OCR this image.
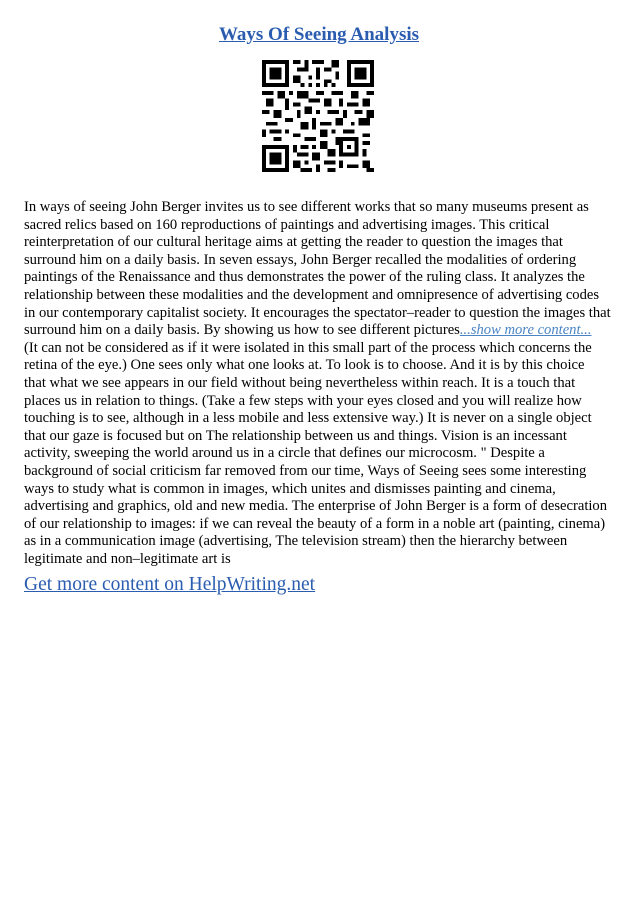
Ways Of Seeing Analysis
In ways of seeing John Berger invites us to see different works that so many museums present as
sacred relics based on 160 reproductions of paintings and advertising images. This critical
reinterpretation of our cultural heritage aims at getting the reader to question the images that
surround him on a daily basis. In seven essays, John Berger recalled the modalities of ordering
paintings of the Renaissance and thus demonstrates the power of the ruling class. It analyzes the
relationship between these modalities and the development and omnipresence of advertising codes
in our contemporary capitalist society. It encourages the spectator–reader to question the images that
surround him on a daily basis. By showing us how to see different pictures...show more content...
(It can not be considered as if it were isolated in this small part of the process which concerns the
retina of the eye.) One sees only what one looks at. To look is to choose. And it is by this choice
that what we see appears in our field without being nevertheless within reach. It is a touch that
places us in relation to things. (Take a few steps with your eyes closed and you will realize how
touching is to see, although in a less mobile and less extensive way.) It is never on a single object
that our gaze is focused but on The relationship between us and things. Vision is an incessant
activity, sweeping the world around us in a circle that defines our microcosm. " Despite a
background of social criticism far removed from our time, Ways of Seeing sees some interesting
ways to study what is common in images, which unites and dismisses painting and cinema,
advertising and graphics, old and new media. The enterprise of John Berger is a form of desecration
of our relationship to images: if we can reveal the beauty of a form in a noble art (painting, cinema)
as in a communication image (advertising, The television stream) then the hierarchy between
legitimate and non–legitimate art is
Get more content on HelpWriting.net
